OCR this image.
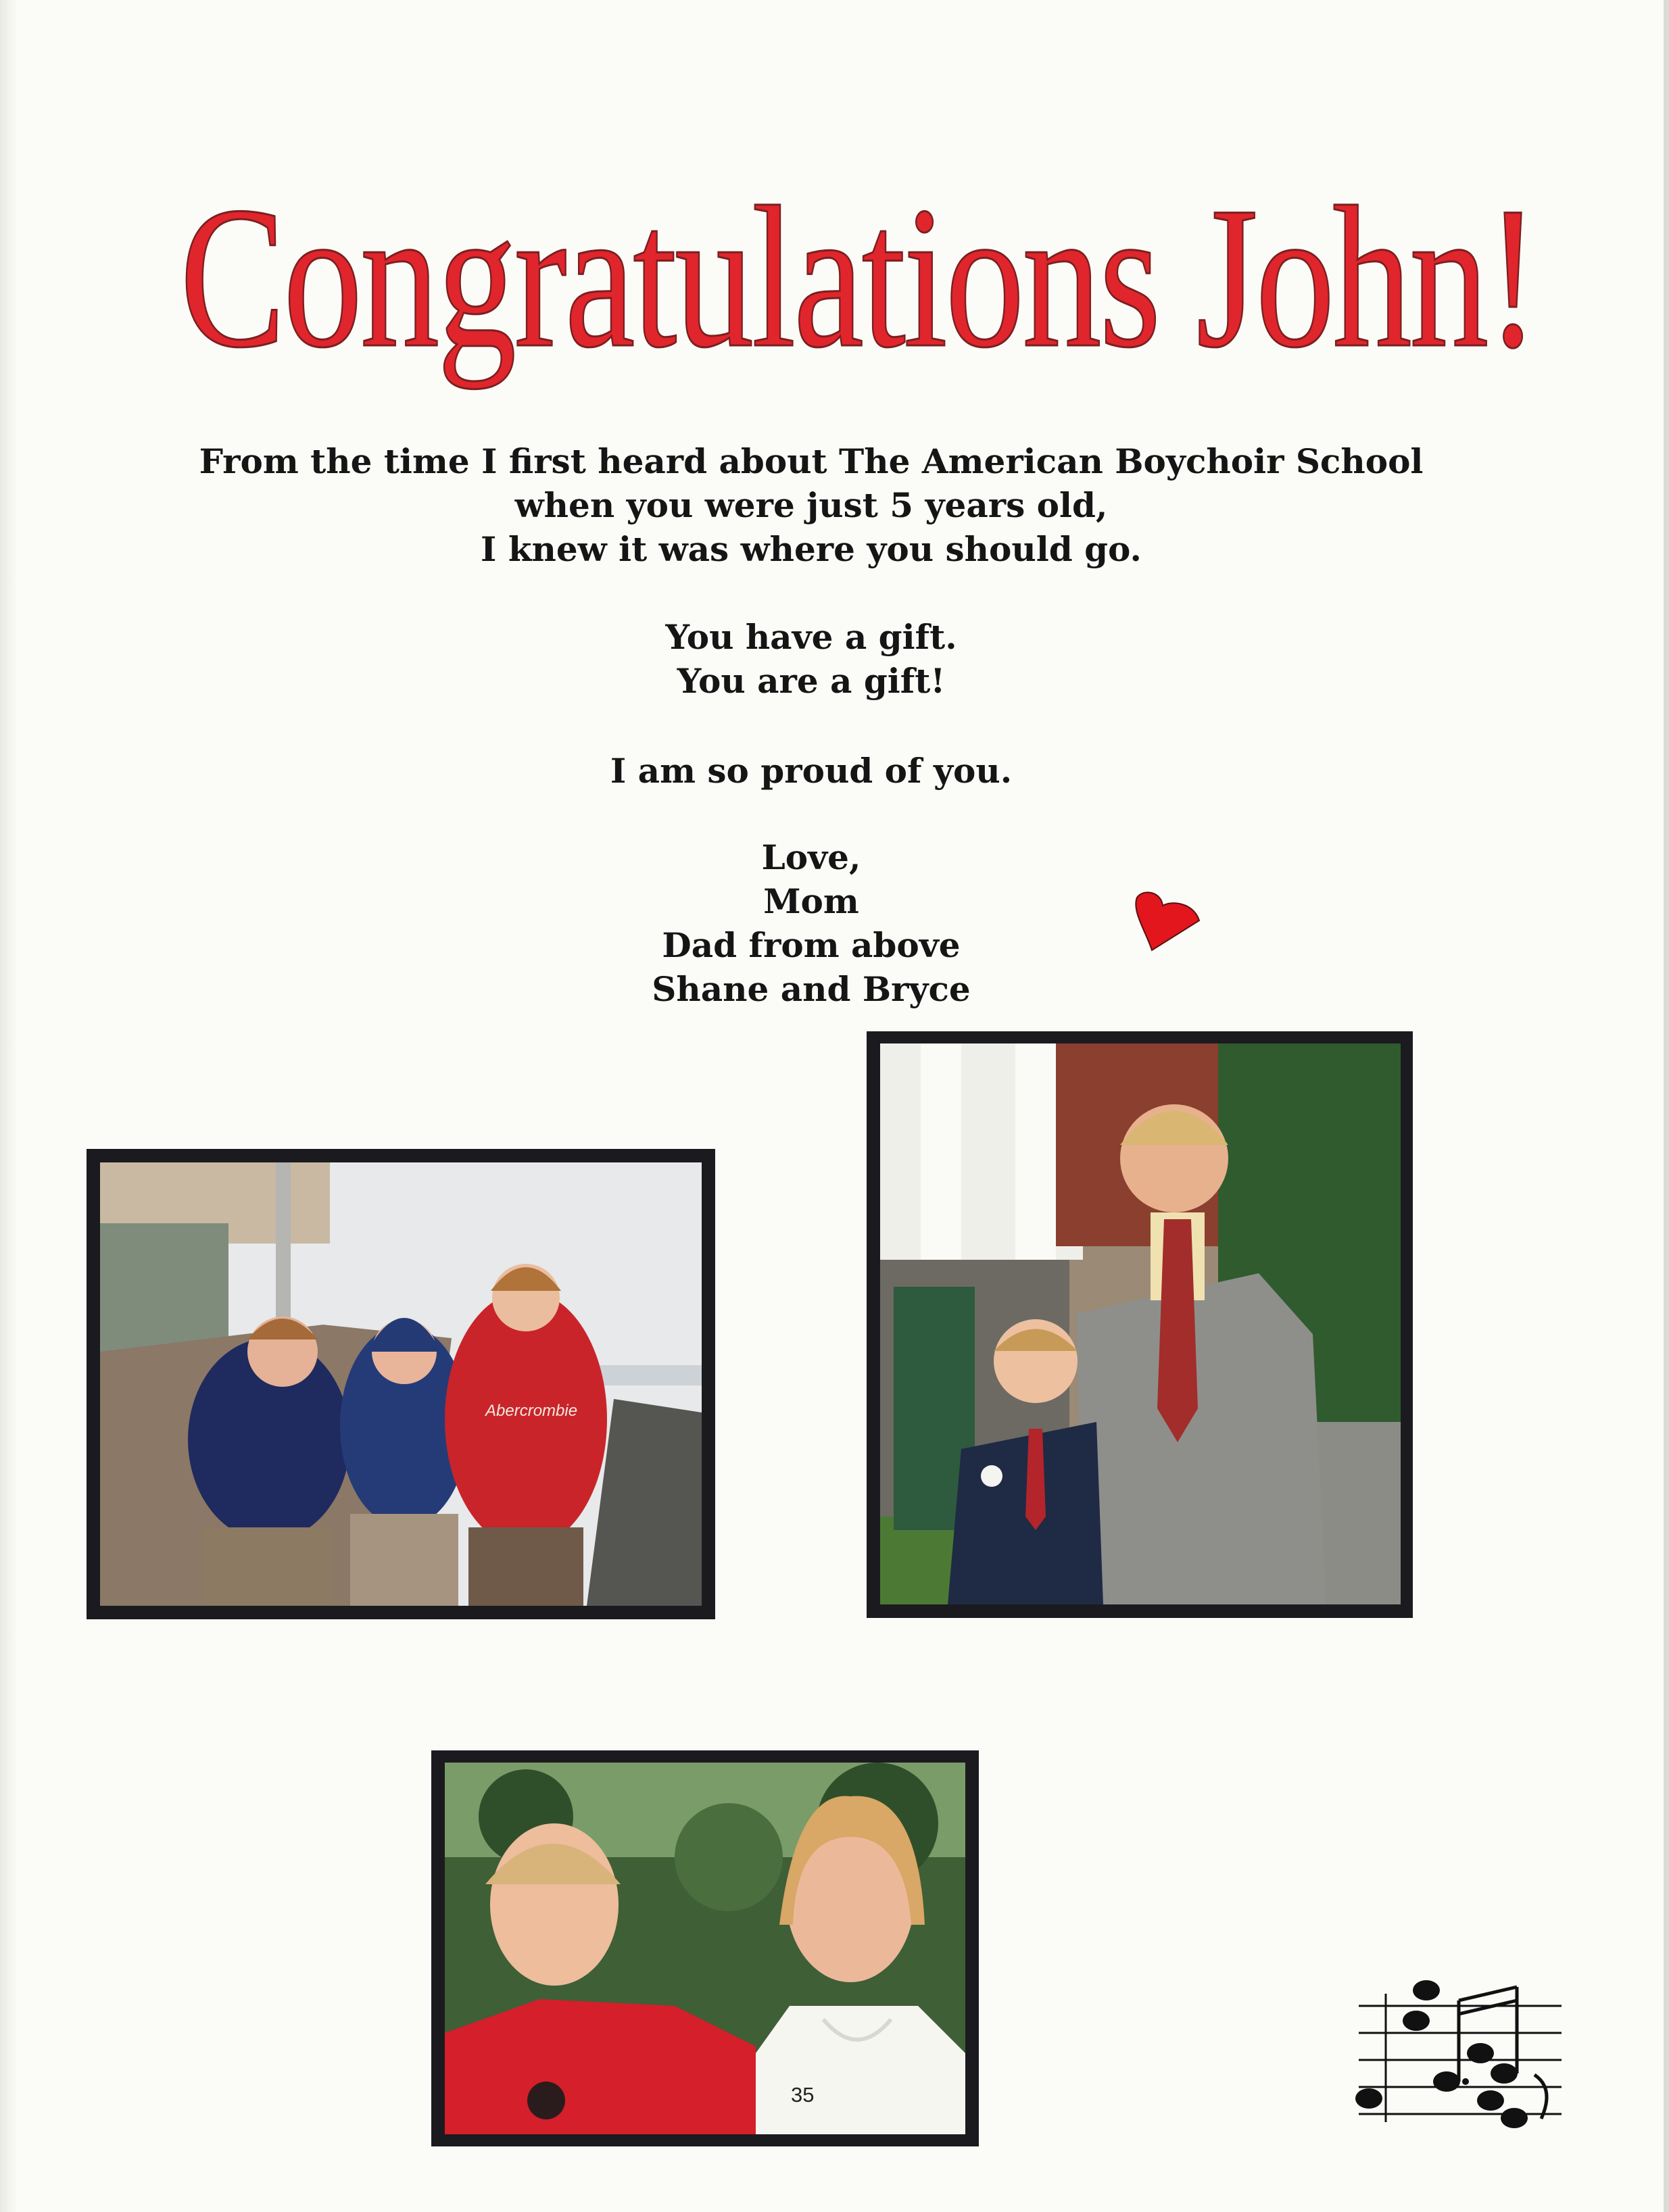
Congratulations John!
From the time I first heard about The American Boychoir School
when you were just 5 years old,
I knew it was where you should go.
You have a gift.
You are a gift!
I am so proud of you.
Love,
Mom
Dad from above
Shane and Bryce
Abercrombie
35
